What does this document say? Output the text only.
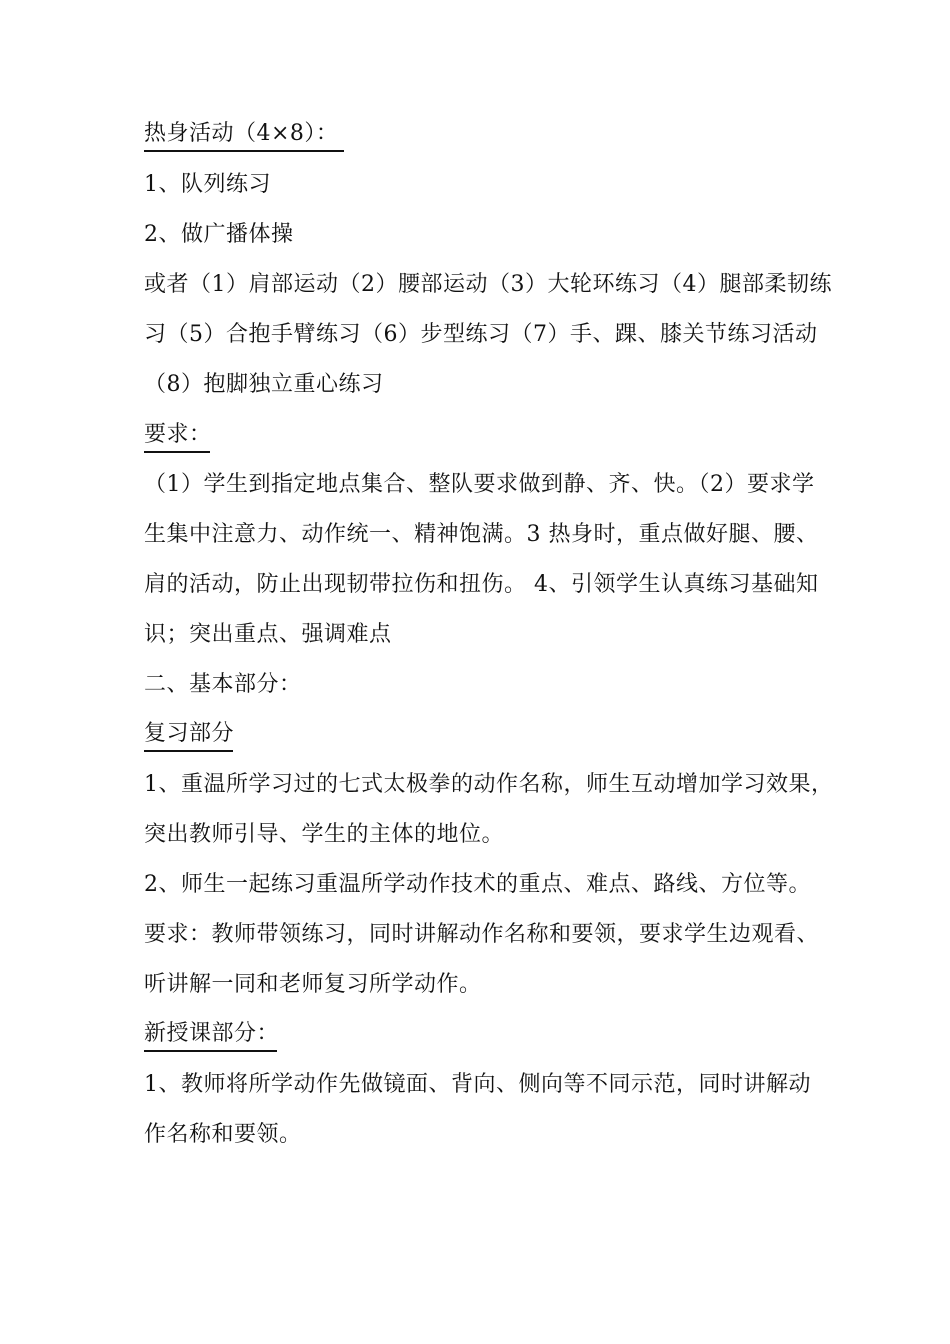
热身活动（4×8）：
1、队列练习
2、做广播体操
或者（1）肩部运动（2）腰部运动（3）大轮环练习（4）腿部柔韧练
习（5）合抱手臂练习（6）步型练习（7）手、踝、膝关节练习活动
（8）抱脚独立重心练习
要求：
（1）学生到指定地点集合、整队要求做到静、齐、快。（2）要求学
生集中注意力、动作统一、精神饱满。3 热身时，重点做好腿、腰、
肩的活动，防止出现韧带拉伤和扭伤。 4、引领学生认真练习基础知
识；突出重点、强调难点
二、基本部分：
复习部分
1、重温所学习过的七式太极拳的动作名称，师生互动增加学习效果，
突出教师引导、学生的主体的地位。
2、师生一起练习重温所学动作技术的重点、难点、路线、方位等。
要求：教师带领练习，同时讲解动作名称和要领，要求学生边观看、
听讲解一同和老师复习所学动作。
新授课部分：
1、教师将所学动作先做镜面、背向、侧向等不同示范，同时讲解动
作名称和要领。
